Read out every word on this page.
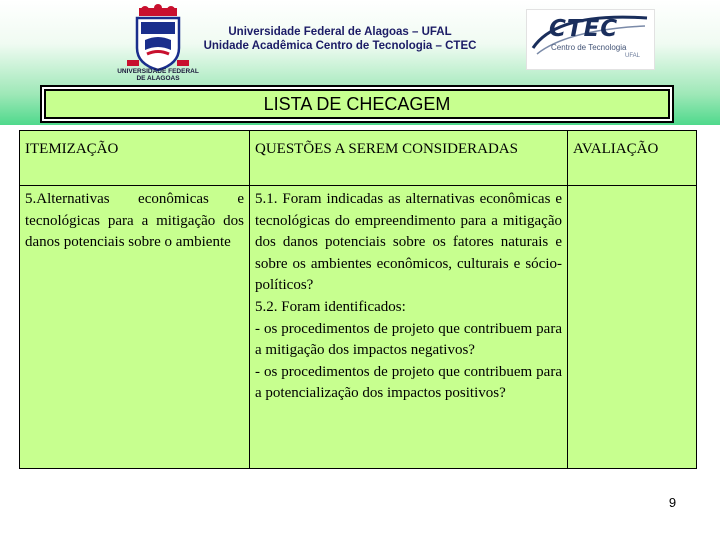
UNIVERSIDADE FEDERAL
DE ALAGOAS
Universidade Federal de Alagoas – UFAL
Unidade Acadêmica Centro de Tecnologia – CTEC
CTEC
Centro de Tecnologia
UFAL
LISTA DE CHECAGEM
ITEMIZAÇÃO	QUESTÕES A SEREM CONSIDERADAS	AVALIAÇÃO
5.Alternativas econômicas e tecnológicas para a mitigação dos danos potenciais sobre o ambiente	5.1. Foram indicadas as alternativas econômicas e tecnológicas do empreendimento para a mitigação dos danos potenciais sobre os fatores naturais e sobre os ambientes econômicos, culturais e sócio-políticos?
5.2. Foram identificados:
- os procedimentos de projeto que contribuem para a mitigação dos impactos negativos?
- os procedimentos de projeto que contribuem para a potencialização dos impactos positivos?	

9
